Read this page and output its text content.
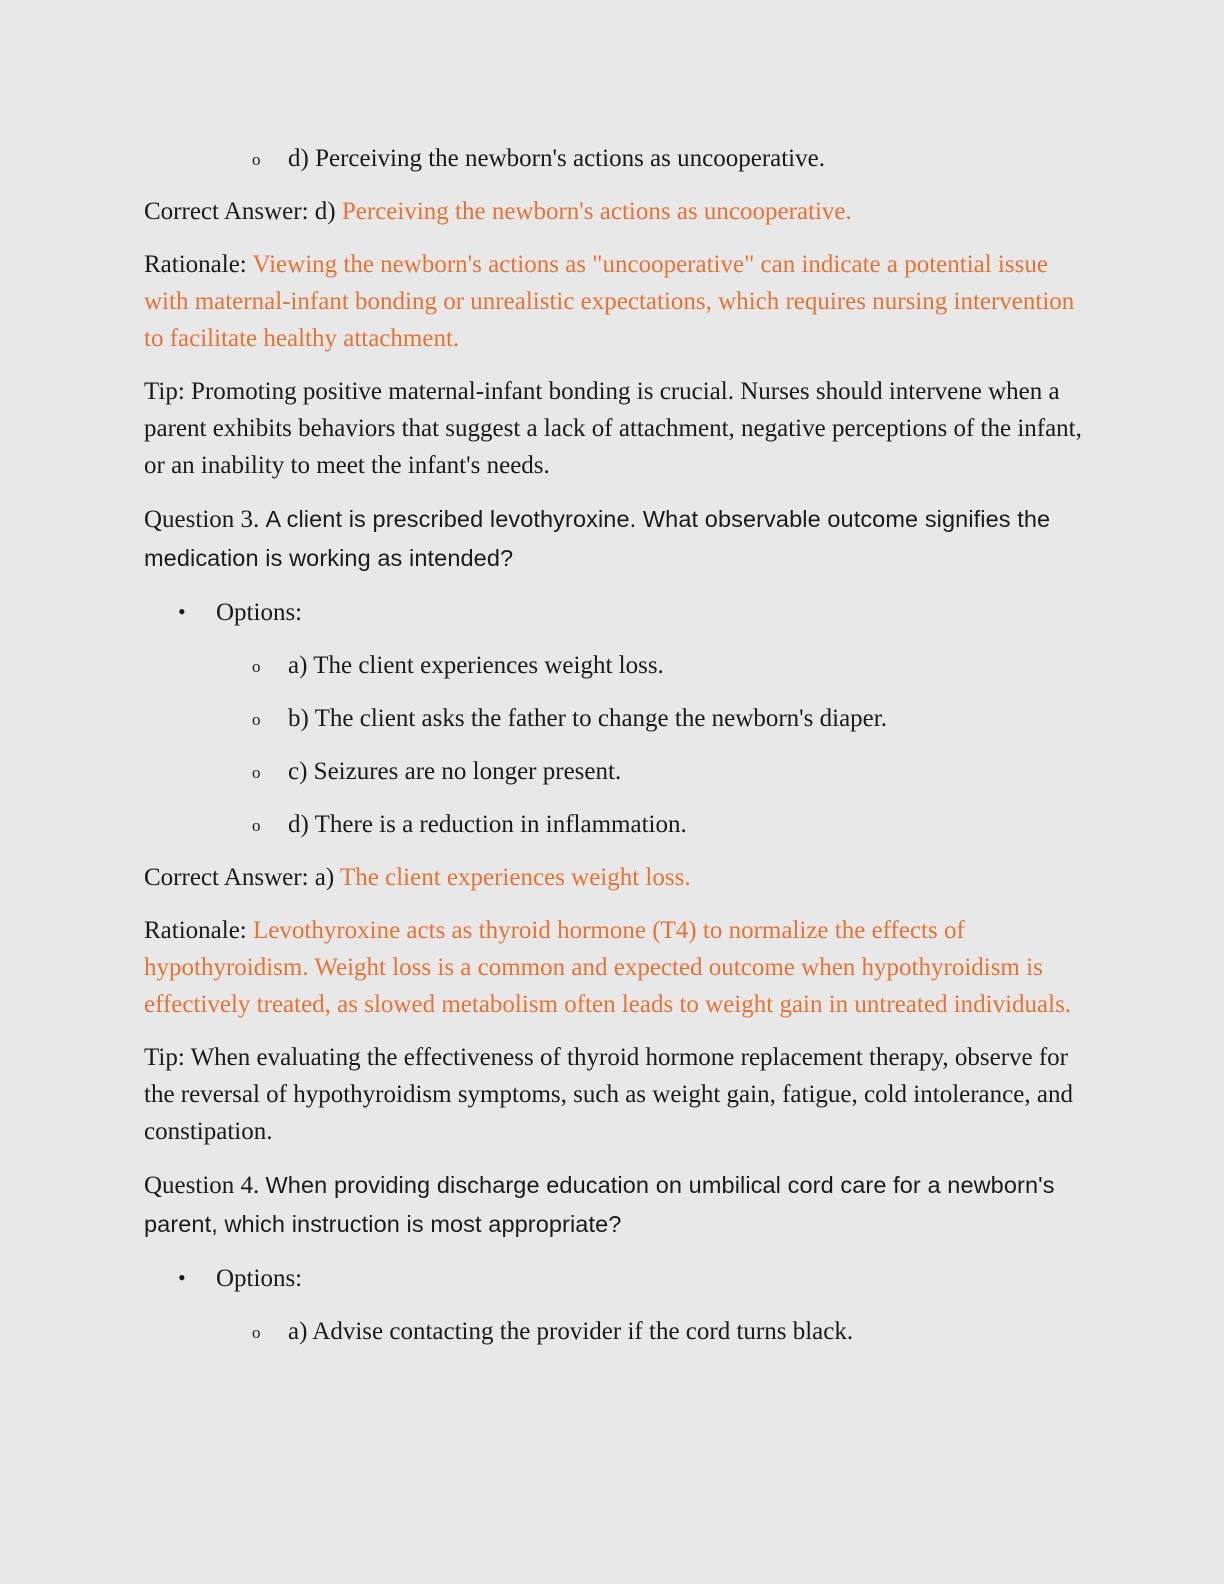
o d) Perceiving the newborn's actions as uncooperative.

Correct Answer: d) Perceiving the newborn's actions as uncooperative.

Rationale: Viewing the newborn's actions as "uncooperative" can indicate a potential issue with maternal-infant bonding or unrealistic expectations, which requires nursing intervention to facilitate healthy attachment.

Tip: Promoting positive maternal-infant bonding is crucial. Nurses should intervene when a parent exhibits behaviors that suggest a lack of attachment, negative perceptions of the infant, or an inability to meet the infant's needs.

Question 3. A client is prescribed levothyroxine. What observable outcome signifies the medication is working as intended?

• Options:

o a) The client experiences weight loss.

o b) The client asks the father to change the newborn's diaper.

o c) Seizures are no longer present.

o d) There is a reduction in inflammation.

Correct Answer: a) The client experiences weight loss.

Rationale: Levothyroxine acts as thyroid hormone (T4) to normalize the effects of hypothyroidism. Weight loss is a common and expected outcome when hypothyroidism is effectively treated, as slowed metabolism often leads to weight gain in untreated individuals.

Tip: When evaluating the effectiveness of thyroid hormone replacement therapy, observe for the reversal of hypothyroidism symptoms, such as weight gain, fatigue, cold intolerance, and constipation.

Question 4. When providing discharge education on umbilical cord care for a newborn's parent, which instruction is most appropriate?

• Options:

o a) Advise contacting the provider if the cord turns black.
